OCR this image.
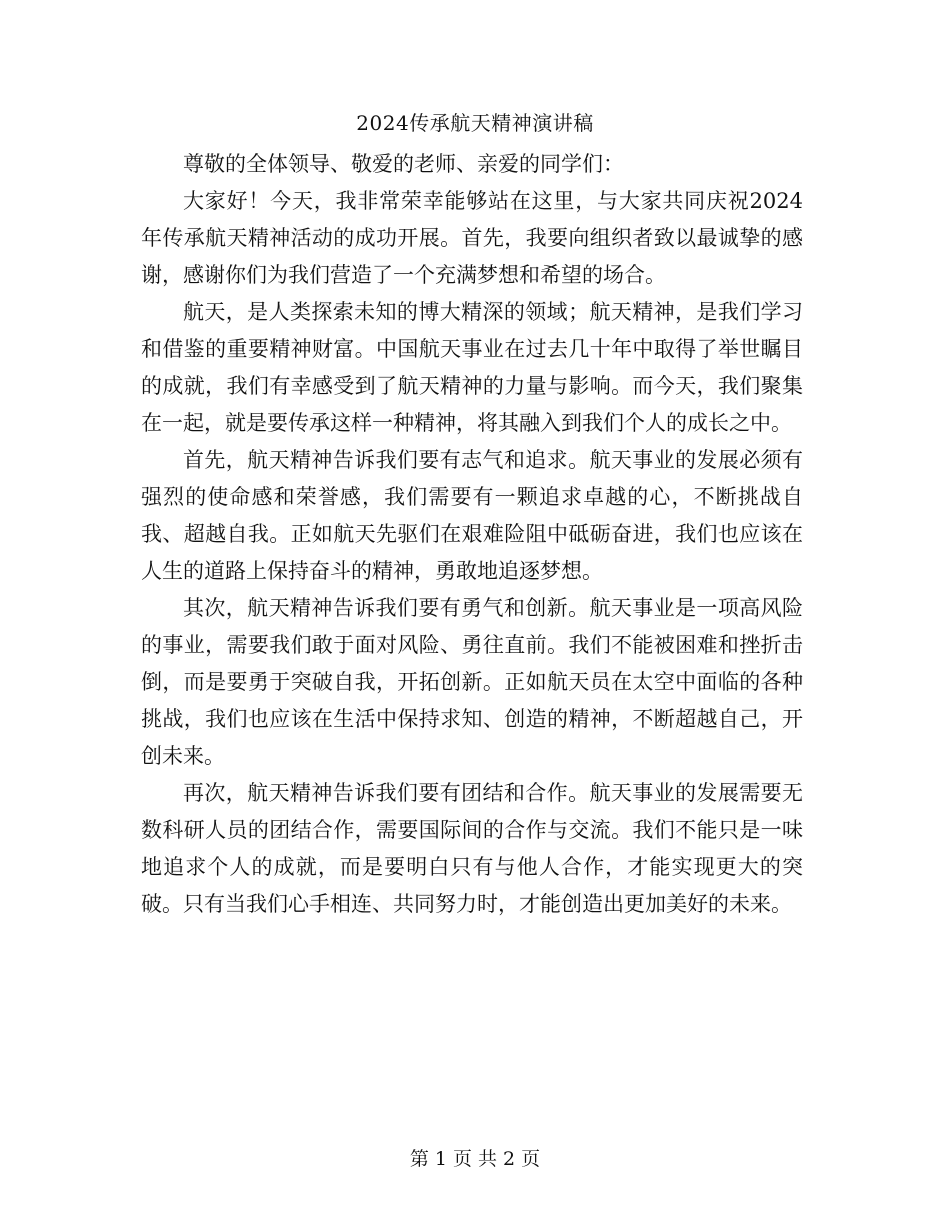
2024传承航天精神演讲稿

尊敬的全体领导、敬爱的老师、亲爱的同学们：

大家好！今天，我非常荣幸能够站在这里，与大家共同庆祝2024年传承航天精神活动的成功开展。首先，我要向组织者致以最诚挚的感谢，感谢你们为我们营造了一个充满梦想和希望的场合。

航天，是人类探索未知的博大精深的领域；航天精神，是我们学习和借鉴的重要精神财富。中国航天事业在过去几十年中取得了举世瞩目的成就，我们有幸感受到了航天精神的力量与影响。而今天，我们聚集在一起，就是要传承这样一种精神，将其融入到我们个人的成长之中。

首先，航天精神告诉我们要有志气和追求。航天事业的发展必须有强烈的使命感和荣誉感，我们需要有一颗追求卓越的心，不断挑战自我、超越自我。正如航天先驱们在艰难险阻中砥砺奋进，我们也应该在人生的道路上保持奋斗的精神，勇敢地追逐梦想。

其次，航天精神告诉我们要有勇气和创新。航天事业是一项高风险的事业，需要我们敢于面对风险、勇往直前。我们不能被困难和挫折击倒，而是要勇于突破自我，开拓创新。正如航天员在太空中面临的各种挑战，我们也应该在生活中保持求知、创造的精神，不断超越自己，开创未来。

再次，航天精神告诉我们要有团结和合作。航天事业的发展需要无数科研人员的团结合作，需要国际间的合作与交流。我们不能只是一味地追求个人的成就，而是要明白只有与他人合作，才能实现更大的突破。只有当我们心手相连、共同努力时，才能创造出更加美好的未来。

第 1 页 共 2 页
